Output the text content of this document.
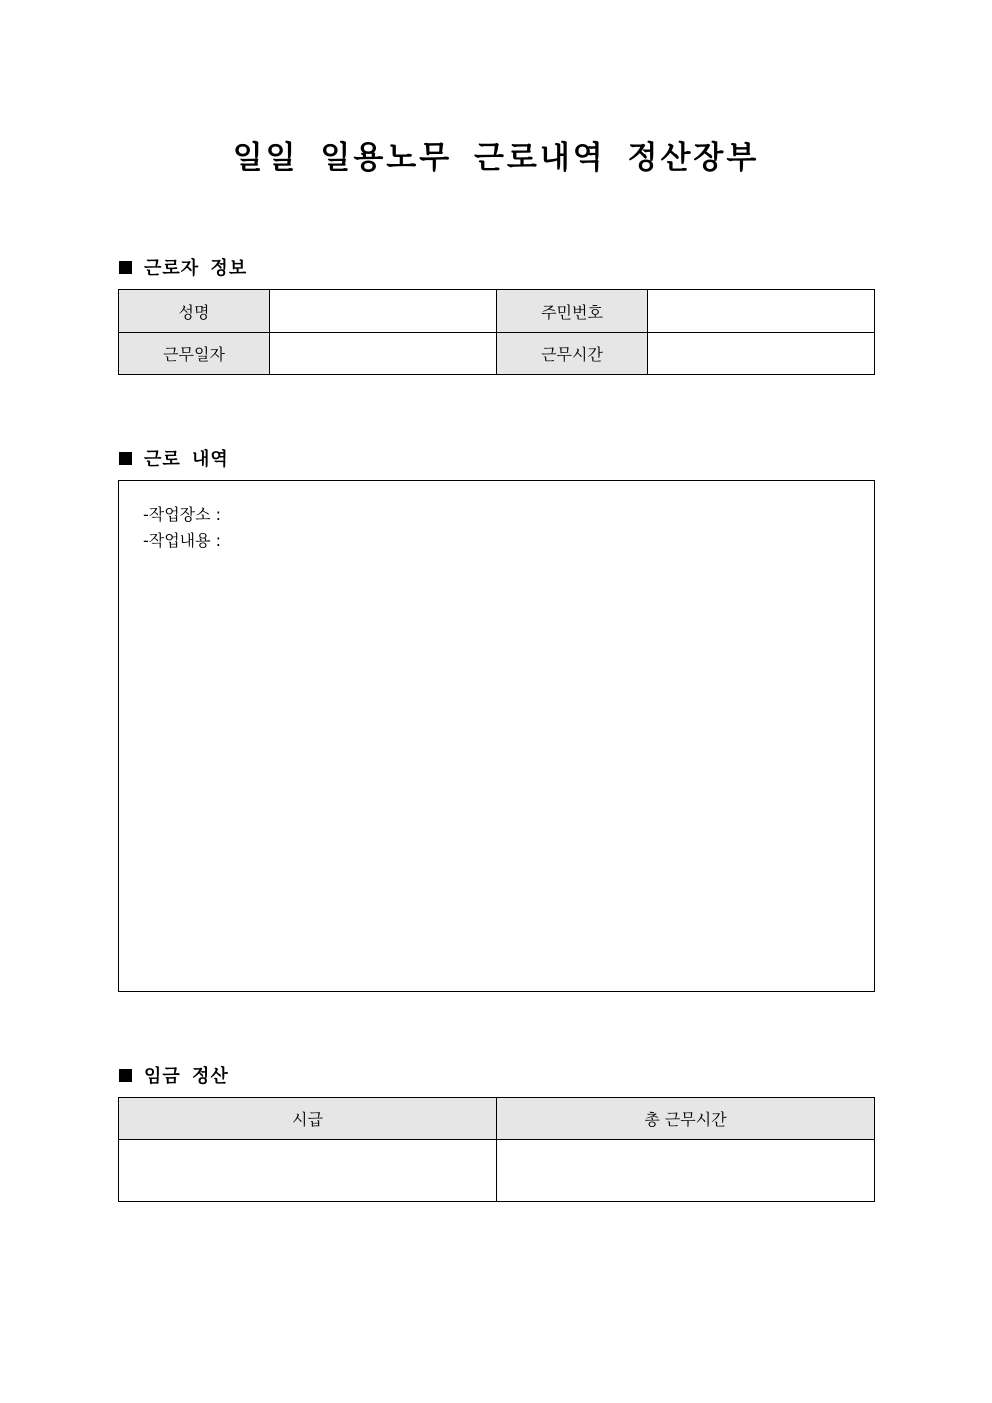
일일 일용노무 근로내역 정산장부
근로자 정보
성명		주민번호	
근무일자		근무시간	
근로 내역
-작업장소 :
-작업내용 :
임금 정산
시급	총 근무시간
